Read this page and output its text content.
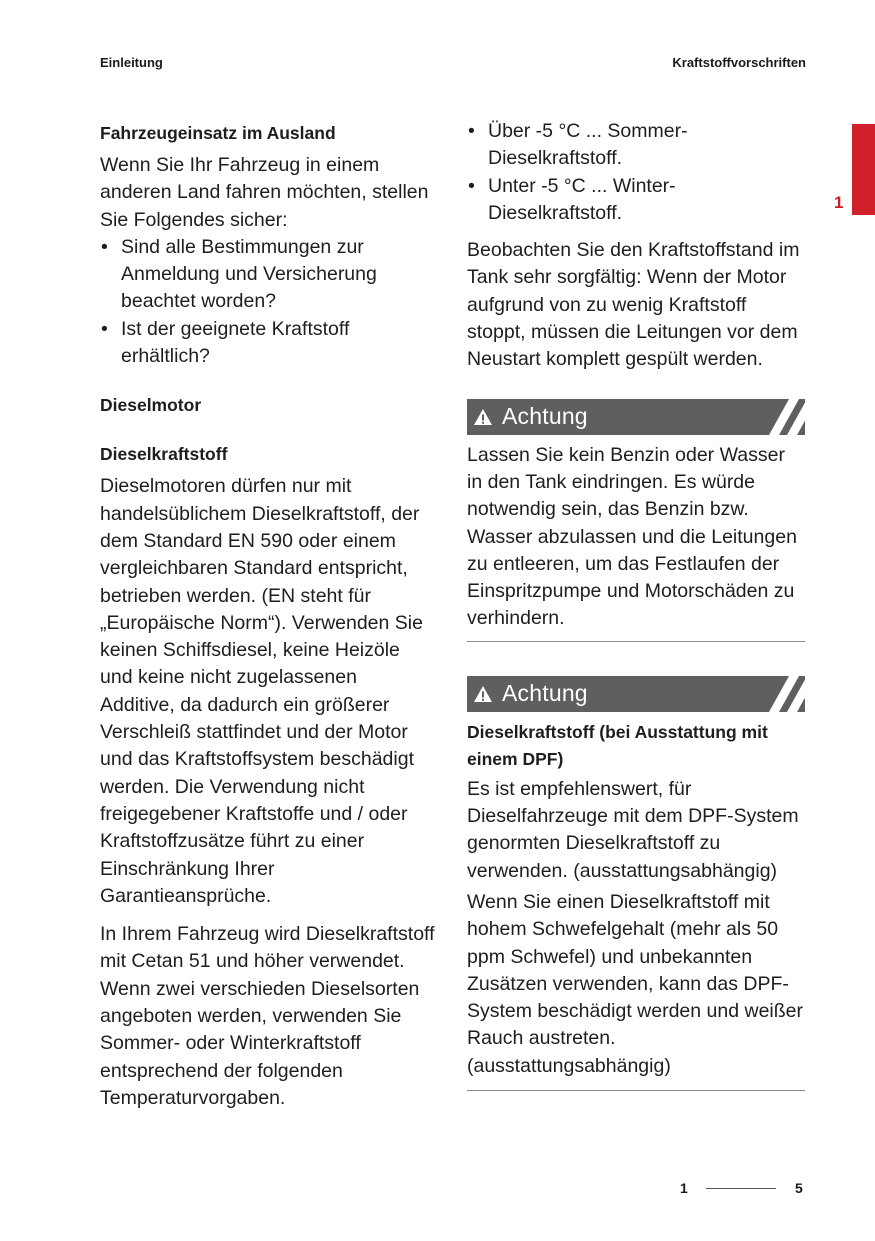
Einleitung	Kraftstoffvorschriften
1
Fahrzeugeinsatz im Ausland

Wenn Sie Ihr Fahrzeug in einem anderen Land fahren möchten, stellen Sie Folgendes sicher:

• Sind alle Bestimmungen zur Anmeldung und Versicherung beachtet worden?
• Ist der geeignete Kraftstoff erhältlich?
Dieselmotor
Dieselkraftstoff

Dieselmotoren dürfen nur mit handelsüblichem Dieselkraftstoff, der dem Standard EN 590 oder einem vergleichbaren Standard entspricht, betrieben werden. (EN steht für „Europäische Norm“). Verwenden Sie keinen Schiffsdiesel, keine Heizöle und keine nicht zugelassenen Additive, da dadurch ein größerer Verschleiß stattfindet und der Motor und das Kraftstoffsystem beschädigt werden. Die Verwendung nicht freigegebener Kraftstoffe und / oder Kraftstoffzusätze führt zu einer Einschränkung Ihrer Garantieansprüche.

In Ihrem Fahrzeug wird Dieselkraftstoff mit Cetan 51 und höher verwendet. Wenn zwei verschieden Dieselsorten angeboten werden, verwenden Sie Sommer- oder Winterkraftstoff entsprechend der folgenden Temperaturvorgaben.

• Über -5 °C ... Sommer-Dieselkraftstoff.
• Unter -5 °C ... Winter-Dieselkraftstoff.

Beobachten Sie den Kraftstoffstand im Tank sehr sorgfältig: Wenn der Motor aufgrund von zu wenig Kraftstoff stoppt, müssen die Leitungen vor dem Neustart komplett gespült werden.

Achtung

Lassen Sie kein Benzin oder Wasser in den Tank eindringen. Es würde notwendig sein, das Benzin bzw. Wasser abzulassen und die Leitungen zu entleeren, um das Festlaufen der Einspritzpumpe und Motorschäden zu verhindern.

Achtung
Dieselkraftstoff (bei Ausstattung mit einem DPF)

Es ist empfehlenswert, für Dieselfahrzeuge mit dem DPF-System genormten Dieselkraftstoff zu verwenden. (ausstattungsabhängig)

Wenn Sie einen Dieselkraftstoff mit hohem Schwefelgehalt (mehr als 50 ppm Schwefel) und unbekannten Zusätzen verwenden, kann das DPF-System beschädigt werden und weißer Rauch austreten. (ausstattungsabhängig)

1	5
